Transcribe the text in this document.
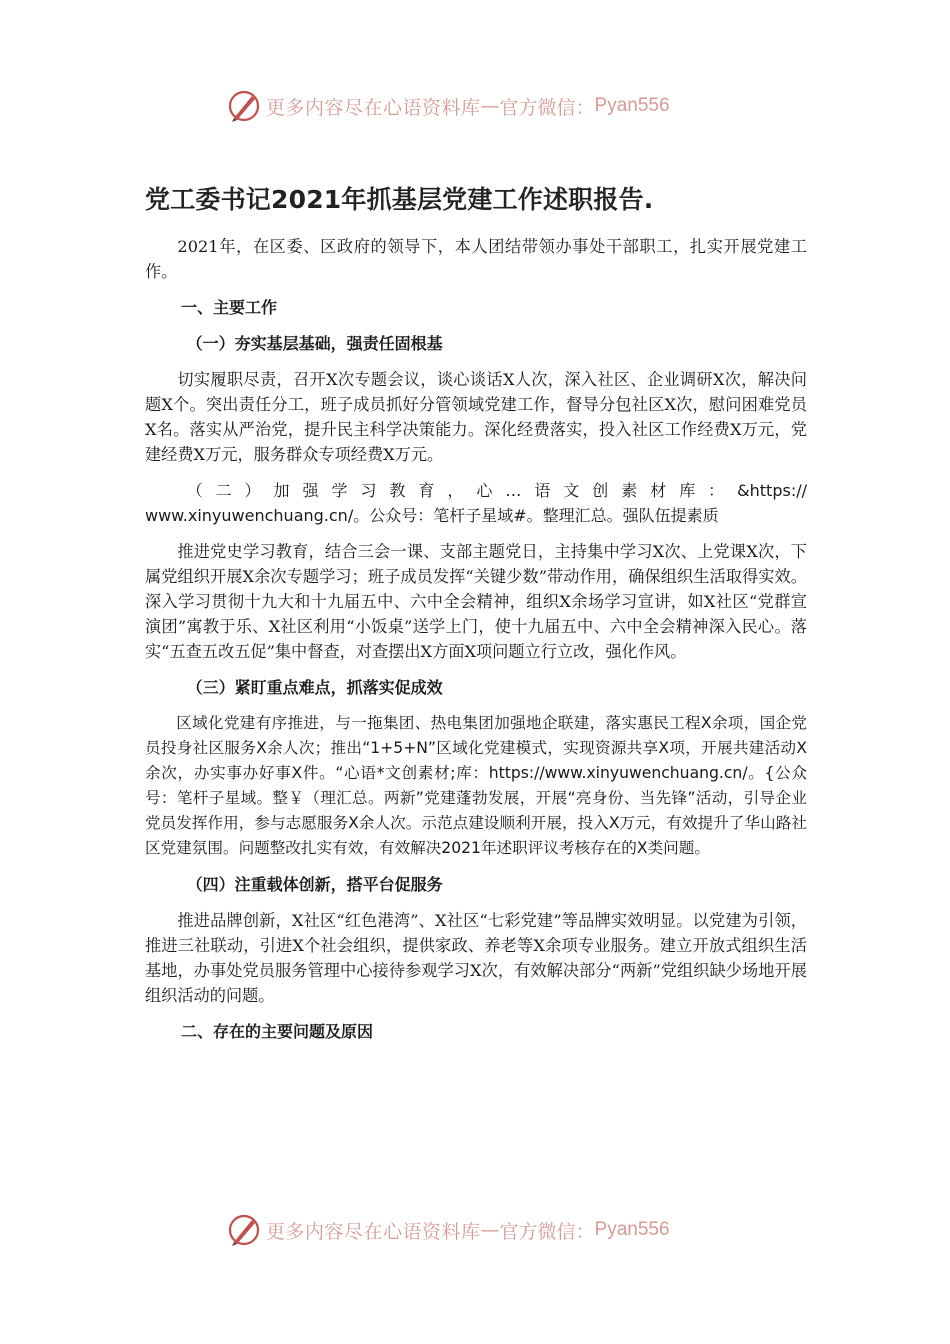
更多内容尽在心语资料库 — 官方微信： Pyan556
党工委书记2021年抓基层党建工作述职报告.

2021年，在区委、区政府的领导下，本人团结带领办事处干部职工，扎实开展党建工作。

一、主要工作
（一）夯实基层基础，强责任固根基

切实履职尽责，召开X次专题会议，谈心谈话X人次，深入社区、企业调研X次，解决问题X个。突出责任分工，班子成员抓好分管领域党建工作，督导分包社区X次，慰问困难党员X名。落实从严治党，提升民主科学决策能力。深化经费落实，投入社区工作经费X万元，党建经费X万元，服务群众专项经费X万元。

（二）加强学习教育，心…语文创素材库：&https://
www.xinyuwenchuang.cn/。公众号：笔杆子星域#。整理汇总。强队伍提素质

推进党史学习教育，结合三会一课、支部主题党日，主持集中学习X次、上党课X次，下属党组织开展X余次专题学习；班子成员发挥“关键少数”带动作用，确保组织生活取得实效。深入学习贯彻十九大和十九届五中、六中全会精神，组织X余场学习宣讲，如X社区“党群宣演团”寓教于乐、X社区利用“小饭桌”送学上门，使十九届五中、六中全会精神深入民心。落实“五查五改五促”集中督查，对查摆出X方面X项问题立行立改，强化作风。

（三）紧盯重点难点，抓落实促成效

区域化党建有序推进，与一拖集团、热电集团加强地企联建，落实惠民工程X余项，国企党员投身社区服务X余人次；推出“1+5+N”区域化党建模式，实现资源共享X项，开展共建活动X余次，办实事办好事X件。“心语*文创素材;库：https://www.xinyuwenchuang.cn/。{公众号：笔杆子星域。整￥（理汇总。两新”党建蓬勃发展，开展“亮身份、当先锋”活动，引导企业党员发挥作用，参与志愿服务X余人次。示范点建设顺利开展，投入X万元，有效提升了华山路社区党建氛围。问题整改扎实有效，有效解决2021年述职评议考核存在的X类问题。

（四）注重载体创新，搭平台促服务

推进品牌创新，X社区“红色港湾”、X社区“七彩党建”等品牌实效明显。以党建为引领，推进三社联动，引进X个社会组织，提供家政、养老等X余项专业服务。建立开放式组织生活基地，办事处党员服务管理中心接待参观学习X次，有效解决部分“两新”党组织缺少场地开展组织活动的问题。

二、存在的主要问题及原因
更多内容尽在心语资料库 — 官方微信： Pyan556
